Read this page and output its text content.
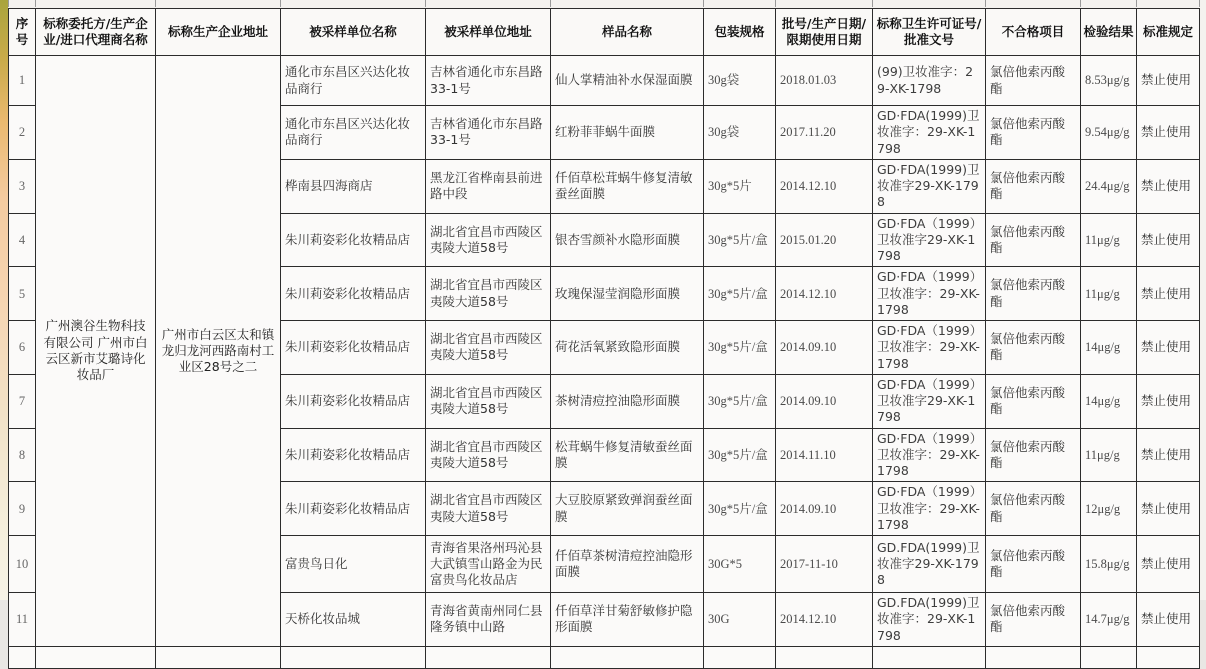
序号	标称委托方/生产企业/进口代理商名称	标称生产企业地址	被采样单位名称	被采样单位地址	样品名称	包装规格	批号/生产日期/限期使用日期	标称卫生许可证号/批准文号	不合格项目	检验结果	标准规定
1	广州澳谷生物科技有限公司 广州市白云区新市艾璐诗化妆品厂	广州市白云区太和镇龙归龙河西路南村工业区28号之二	通化市东昌区兴达化妆品商行	吉林省通化市东昌路33-1号	仙人掌精油补水保湿面膜	30g袋	2018.01.03	(99)卫妆准字：29-XK-1798	氯倍他索丙酸酯	8.53μg/g	禁止使用
2			通化市东昌区兴达化妆品商行	吉林省通化市东昌路33-1号	红粉菲菲蜗牛面膜	30g袋	2017.11.20	GD·FDA(1999)卫妆准字：29-XK-1798	氯倍他索丙酸酯	9.54μg/g	禁止使用
3			桦南县四海商店	黑龙江省桦南县前进路中段	仟佰草松茸蜗牛修复清敏蚕丝面膜	30g*5片	2014.12.10	GD·FDA(1999)卫妆准字29-XK-1798	氯倍他索丙酸酯	24.4μg/g	禁止使用
4			朱川莉姿彩化妆精品店	湖北省宜昌市西陵区夷陵大道58号	银杏雪颜补水隐形面膜	30g*5片/盒	2015.01.20	GD·FDA（1999）卫妆准字29-XK-1798	氯倍他索丙酸酯	11μg/g	禁止使用
5			朱川莉姿彩化妆精品店	湖北省宜昌市西陵区夷陵大道58号	玫瑰保湿莹润隐形面膜	30g*5片/盒	2014.12.10	GD·FDA（1999）卫妆准字：29-XK-1798	氯倍他索丙酸酯	11μg/g	禁止使用
6			朱川莉姿彩化妆精品店	湖北省宜昌市西陵区夷陵大道58号	荷花活氧紧致隐形面膜	30g*5片/盒	2014.09.10	GD·FDA（1999）卫妆准字：29-XK-1798	氯倍他索丙酸酯	14μg/g	禁止使用
7			朱川莉姿彩化妆精品店	湖北省宜昌市西陵区夷陵大道58号	茶树清痘控油隐形面膜	30g*5片/盒	2014.09.10	GD·FDA（1999）卫妆准字29-XK-1798	氯倍他索丙酸酯	14μg/g	禁止使用
8			朱川莉姿彩化妆精品店	湖北省宜昌市西陵区夷陵大道58号	松茸蜗牛修复清敏蚕丝面膜	30g*5片/盒	2014.11.10	GD·FDA（1999）卫妆准字：29-XK-1798	氯倍他索丙酸酯	11μg/g	禁止使用
9			朱川莉姿彩化妆精品店	湖北省宜昌市西陵区夷陵大道58号	大豆胶原紧致弹润蚕丝面膜	30g*5片/盒	2014.09.10	GD·FDA（1999）卫妆准字：29-XK-1798	氯倍他索丙酸酯	12μg/g	禁止使用
10			富贵鸟日化	青海省果洛州玛沁县大武镇雪山路金为民富贵鸟化妆品店	仟佰草茶树清痘控油隐形面膜	30G*5	2017-11-10	GD.FDA(1999)卫妆准字29-XK-1798	氯倍他索丙酸酯	15.8μg/g	禁止使用
11			天桥化妆品城	青海省黄南州同仁县隆务镇中山路	仟佰草洋甘菊舒敏修护隐形面膜	30G	2014.12.10	GD.FDA(1999)卫妆准字：29-XK-1798	氯倍他索丙酸酯	14.7μg/g	禁止使用
